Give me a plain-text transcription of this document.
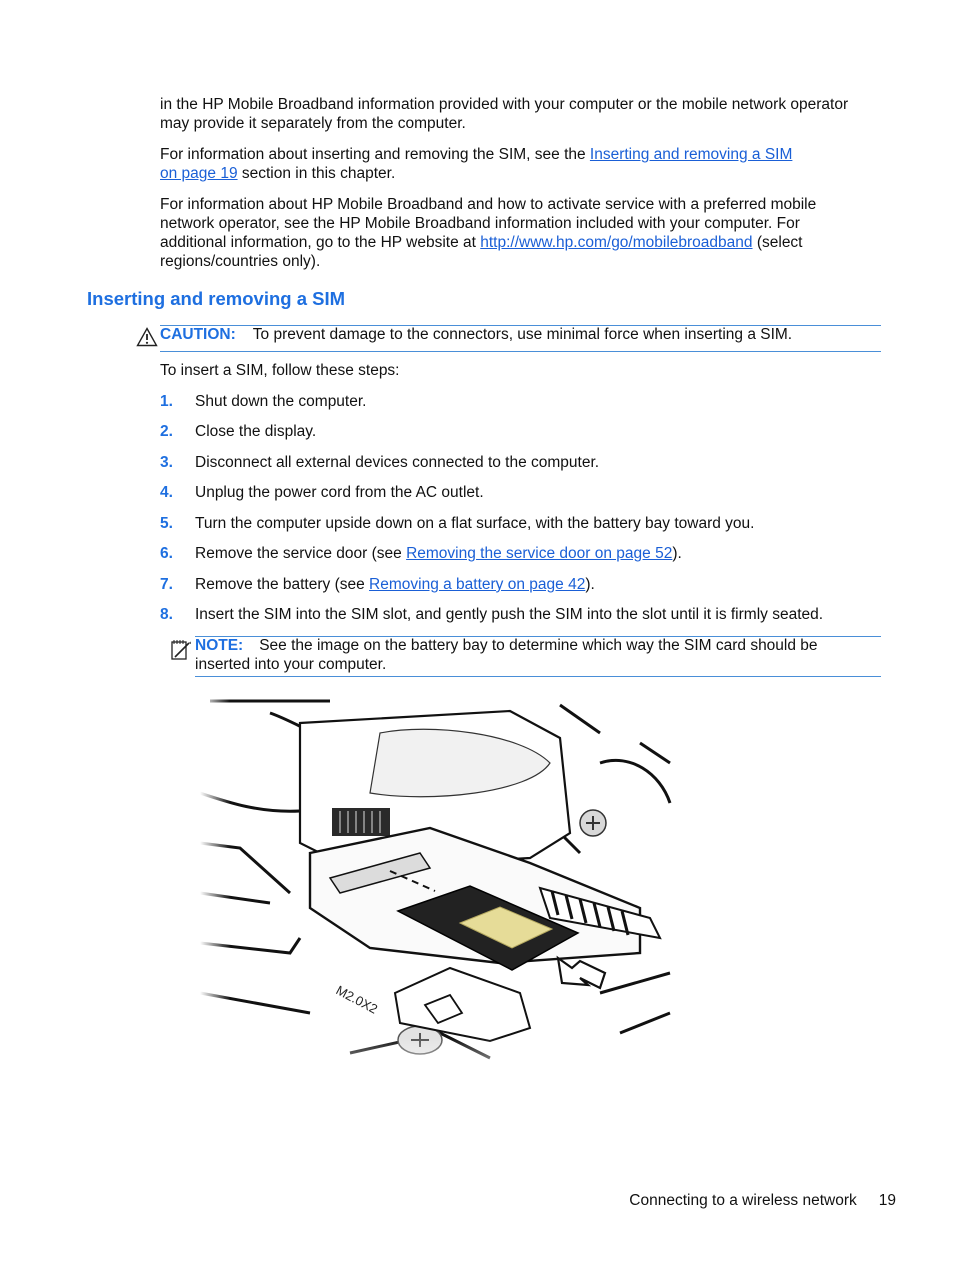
in the HP Mobile Broadband information provided with your computer or the mobile network operator
may provide it separately from the computer.
For information about inserting and removing the SIM, see the Inserting and removing a SIM
on page 19 section in this chapter.
For information about HP Mobile Broadband and how to activate service with a preferred mobile
network operator, see the HP Mobile Broadband information included with your computer. For
additional information, go to the HP website at http://www.hp.com/go/mobilebroadband (select
regions/countries only).
Inserting and removing a SIM
CAUTION: To prevent damage to the connectors, use minimal force when inserting a SIM.
To insert a SIM, follow these steps:
1. Shut down the computer.
2. Close the display.
3. Disconnect all external devices connected to the computer.
4. Unplug the power cord from the AC outlet.
5. Turn the computer upside down on a flat surface, with the battery bay toward you.
6. Remove the service door (see Removing the service door on page 52).
7. Remove the battery (see Removing a battery on page 42).
8. Insert the SIM into the SIM slot, and gently push the SIM into the slot until it is firmly seated.
NOTE: See the image on the battery bay to determine which way the SIM card should be
inserted into your computer.
M2.0X2
Connecting to a wireless network 19
